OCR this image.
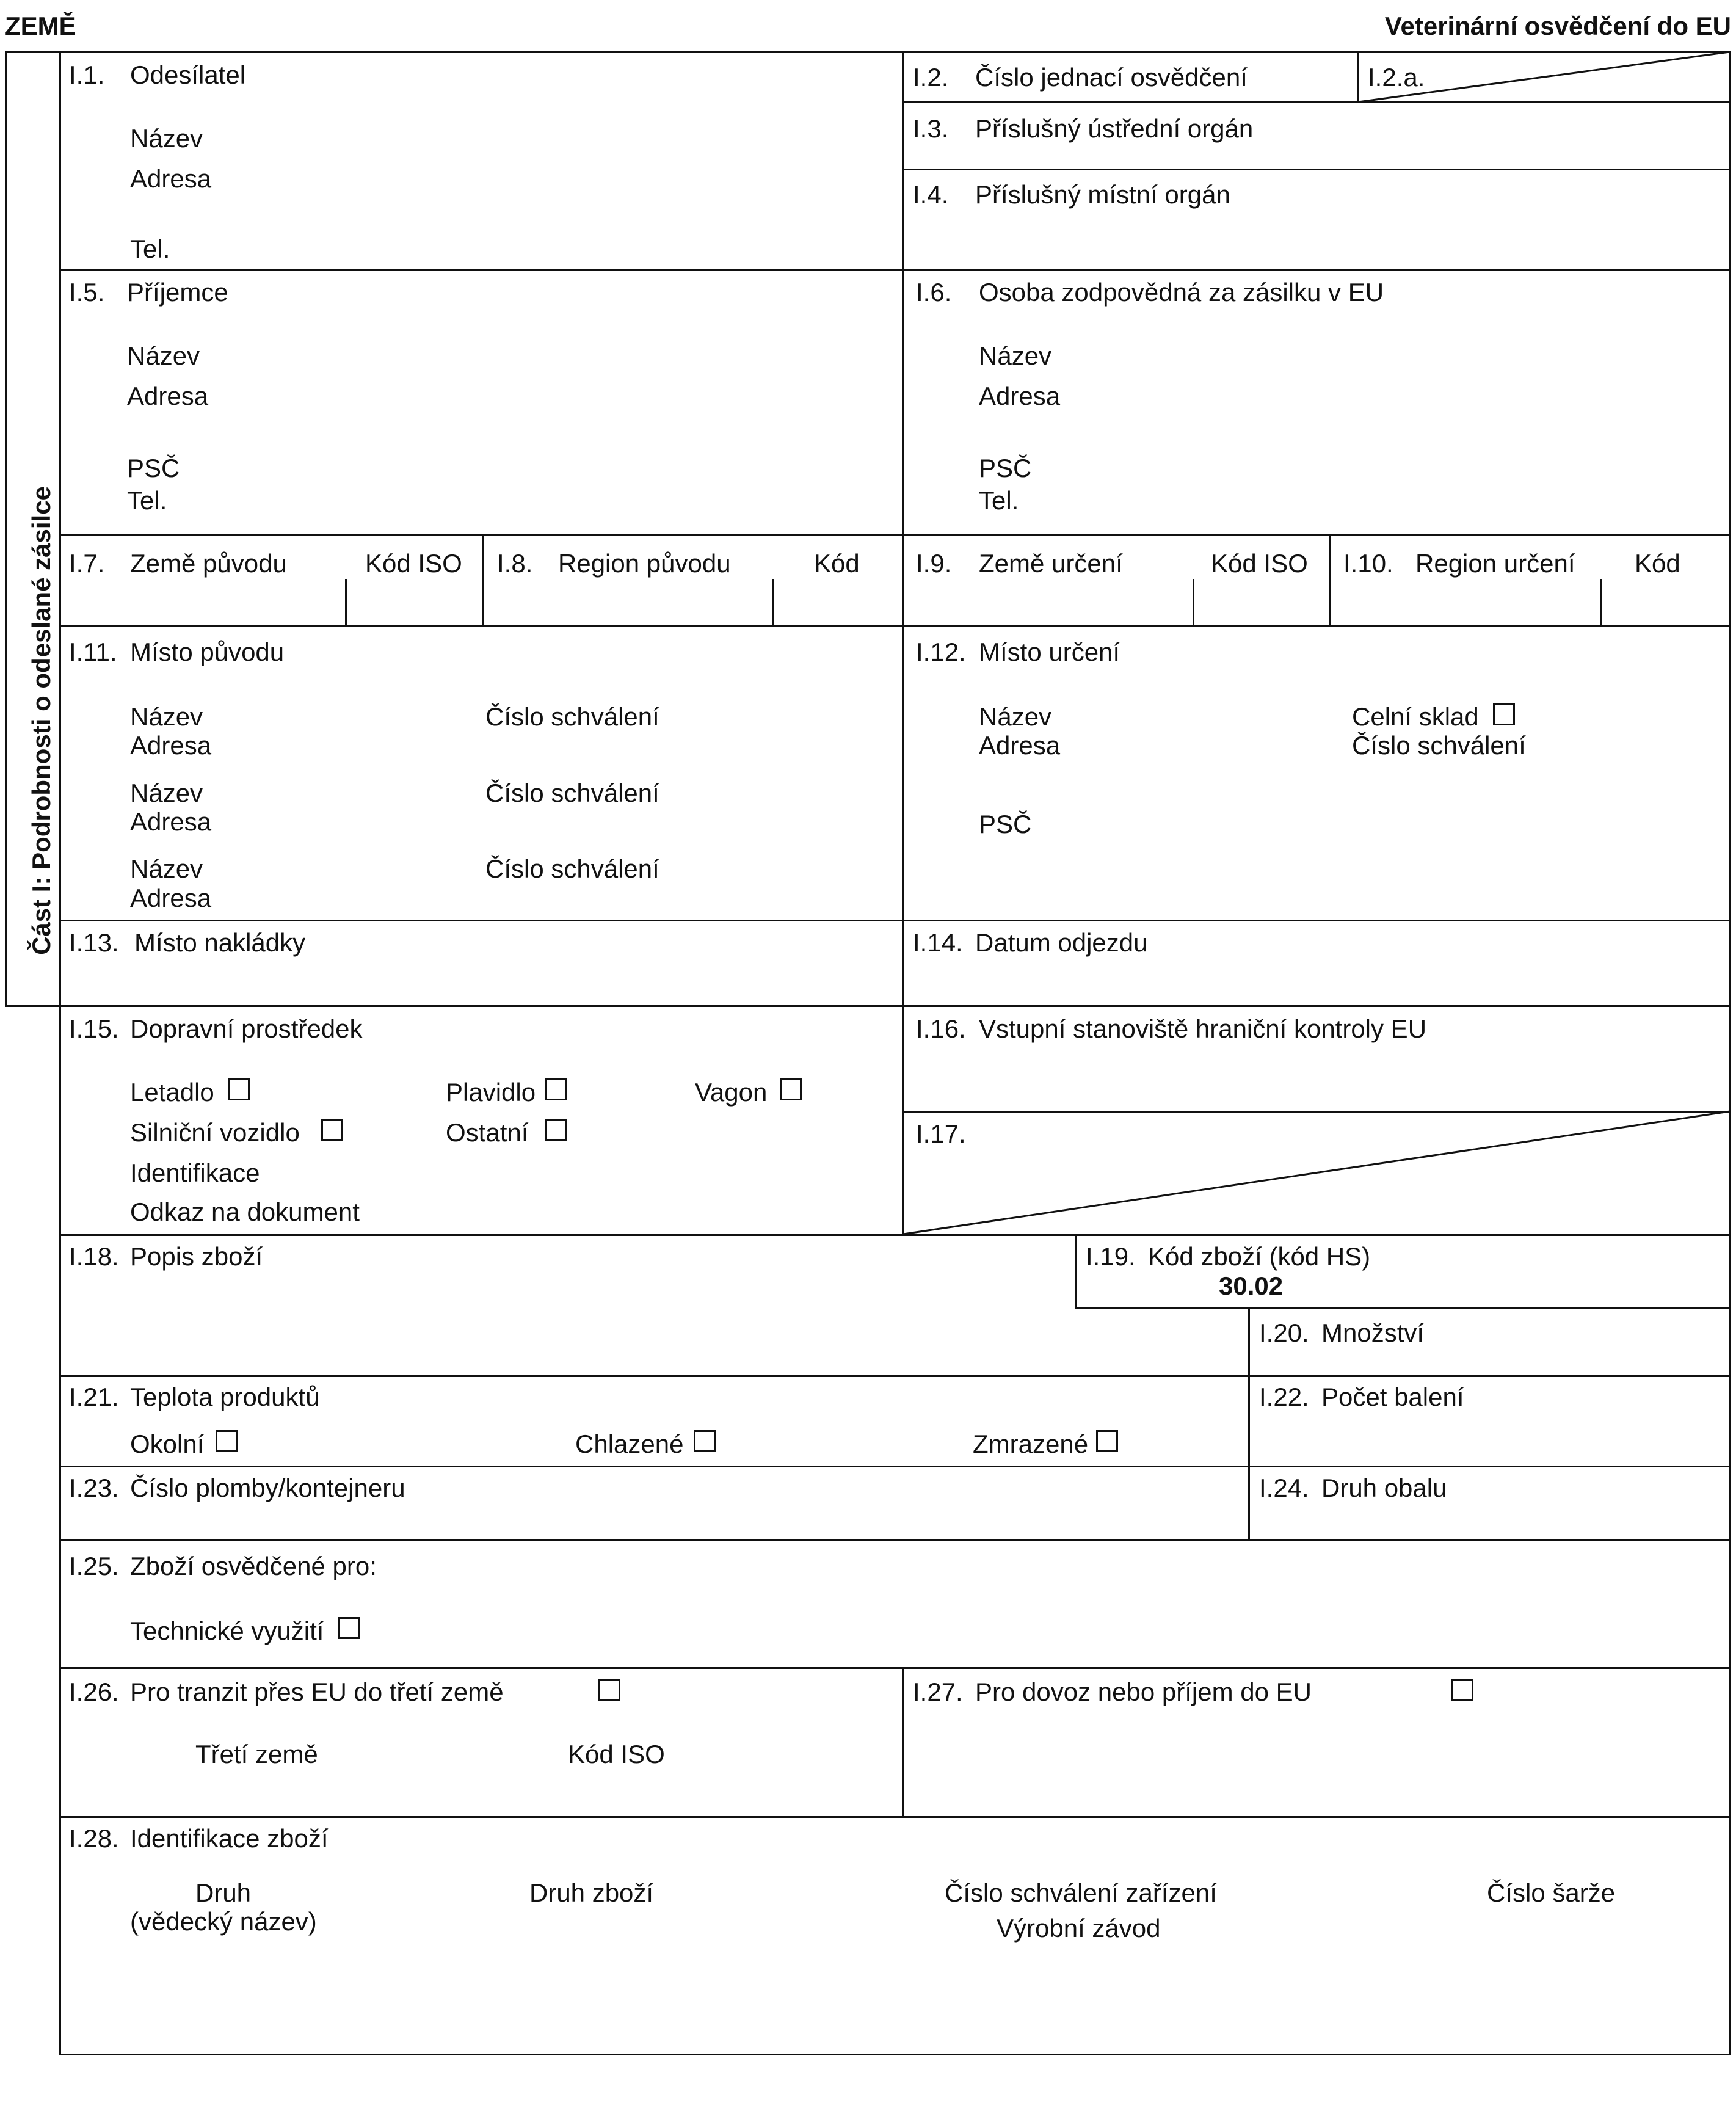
ZEMĚ	Veterinární osvědčení do EU
Část I: Podrobnosti o odeslané zásilce
I.1. Odesílatel
Název
Adresa
Tel.
I.2. Číslo jednací osvědčení	I.2.a.
I.3. Příslušný ústřední orgán
I.4. Příslušný místní orgán
I.5. Příjemce
Název
Adresa
PSČ
Tel.
I.6. Osoba zodpovědná za zásilku v EU
Název
Adresa
PSČ
Tel.
I.7. Země původu	Kód ISO I.8. Region původu	Kód I.9. Země určení	Kód ISO I.10. Region určení Kód
I.11. Místo původu
Název	Číslo schválení
Adresa
Název	Číslo schválení
Adresa
Název	Číslo schválení
Adresa
I.12. Místo určení
Název	Celní sklad
Adresa	Číslo schválení
PSČ
I.13. Místo nakládky	I.14. Datum odjezdu
I.15. Dopravní prostředek
Letadlo	Plavidlo	Vagon
Silniční vozidlo	Ostatní
Identifikace
Odkaz na dokument
I.16. Vstupní stanoviště hraniční kontroly EU
I.17.
I.18. Popis zboží	I.19. Kód zboží (kód HS)
30.02
I.20. Množství
I.21. Teplota produktů
Okolní	Chlazené	Zmrazené
I.22. Počet balení
I.23. Číslo plomby/kontejneru	I.24. Druh obalu
I.25. Zboží osvědčené pro:
Technické využití
I.26. Pro tranzit přes EU do třetí země
Třetí země	Kód ISO
I.27. Pro dovoz nebo příjem do EU
I.28. Identifikace zboží
Druh
(vědecký název)
Druh zboží	Číslo schválení zařízení
Výrobní závod
Číslo šarže
